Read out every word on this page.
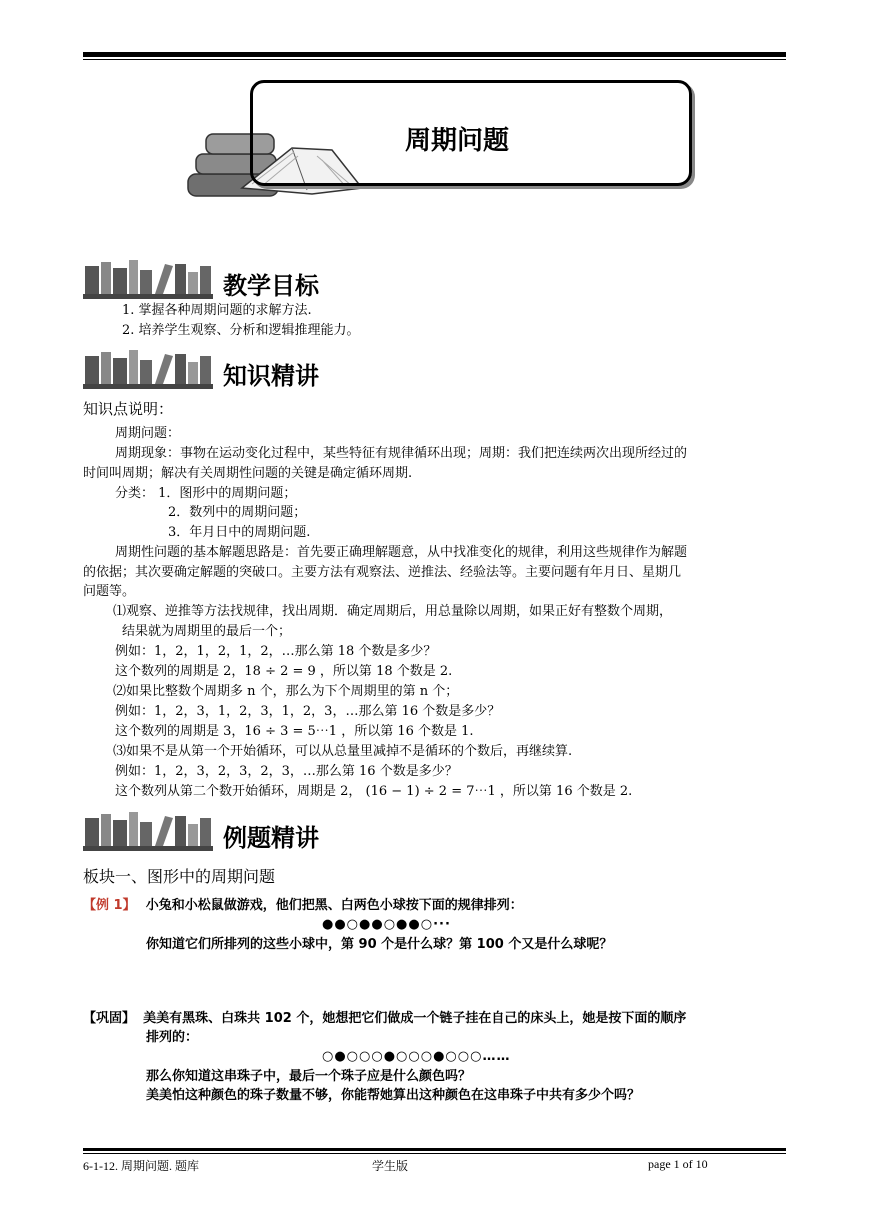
周期问题
教学目标
1. 掌握各种周期问题的求解方法.
2. 培养学生观察、分析和逻辑推理能力。
知识精讲
知识点说明：
周期问题：
周期现象：事物在运动变化过程中，某些特征有规律循环出现；周期：我们把连续两次出现所经过的
时间叫周期；解决有关周期性问题的关键是确定循环周期.
分类： 1．图形中的周期问题；
2．数列中的周期问题；
3．年月日中的周期问题.
周期性问题的基本解题思路是：首先要正确理解题意，从中找准变化的规律，利用这些规律作为解题
的依据；其次要确定解题的突破口。主要方法有观察法、逆推法、经验法等。主要问题有年月日、星期几
问题等。
⑴观察、逆推等方法找规律，找出周期．确定周期后，用总量除以周期，如果正好有整数个周期，
结果就为周期里的最后一个；
例如：1，2，1，2，1，2，…那么第 18 个数是多少？
这个数列的周期是 2，18 ÷ 2 = 9 ，所以第 18 个数是 2.
⑵如果比整数个周期多 n 个，那么为下个周期里的第 n 个；
例如：1，2，3，1，2，3，1，2，3，…那么第 16 个数是多少？
这个数列的周期是 3，16 ÷ 3 = 5⋯1 ，所以第 16 个数是 1.
⑶如果不是从第一个开始循环，可以从总量里减掉不是循环的个数后，再继续算.
例如：1，2，3，2，3，2，3，…那么第 16 个数是多少？
这个数列从第二个数开始循环，周期是 2， (16 − 1) ÷ 2 = 7⋯1 ，所以第 16 个数是 2.
例题精讲
板块一、图形中的周期问题
【例 1】 小兔和小松鼠做游戏，他们把黑、白两色小球按下面的规律排列：
●●○●●○●●○···
你知道它们所排列的这些小球中，第 90 个是什么球？第 100 个又是什么球呢？
【巩固】 美美有黑珠、白珠共 102 个，她想把它们做成一个链子挂在自己的床头上，她是按下面的顺序
排列的：
○●○○○●○○○●○○○……
那么你知道这串珠子中，最后一个珠子应是什么颜色吗？
美美怕这种颜色的珠子数量不够，你能帮她算出这种颜色在这串珠子中共有多少个吗？
6-1-12. 周期问题. 题库	学生版	page 1 of 10
